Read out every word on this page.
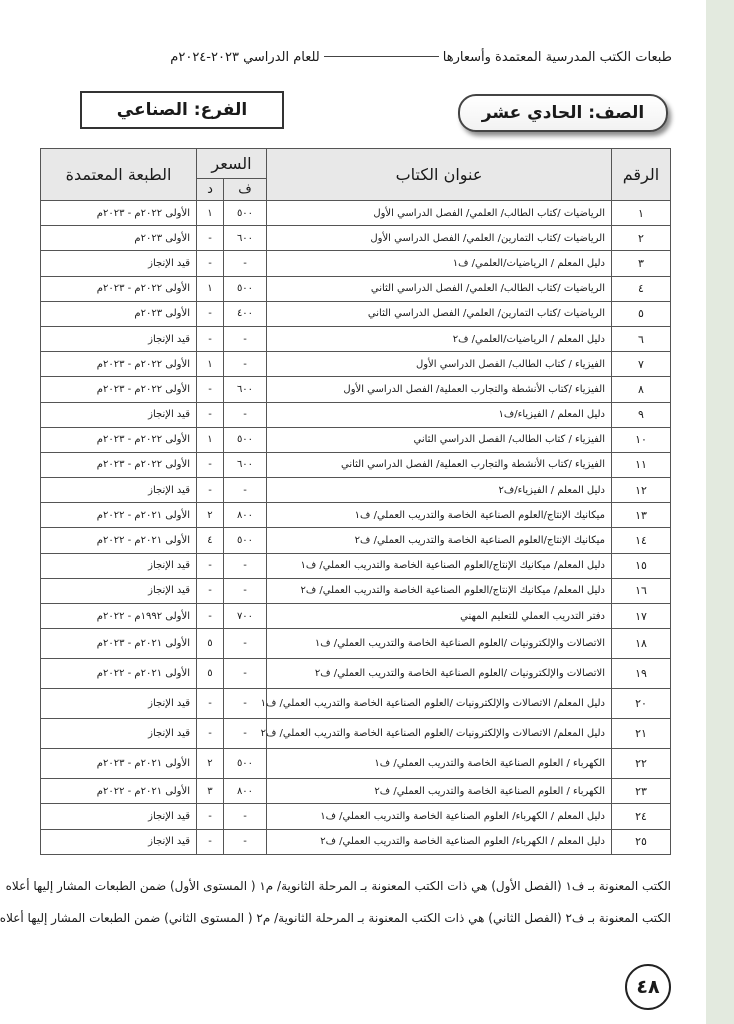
طبعات الكتب المدرسية المعتمدة وأسعارها
للعام الدراسي ٢٠٢٣-٢٠٢٤م
الصف: الحادي عشر
الفرع: الصناعي
الرقم	عنوان الكتاب	السعر		الطبعة المعتمدة
		ف	د	
١	الرياضيات /كتاب الطالب/ العلمي/ الفصل الدراسي الأول	٥٠٠	١	الأولى ٢٠٢٢م - ٢٠٢٣م
٢	الرياضيات /كتاب التمارين/ العلمي/ الفصل الدراسي الأول	٦٠٠	-	الأولى ٢٠٢٣م
٣	دليل المعلم / الرياضيات/العلمي/ ف١	-	-	قيد الإنجاز
٤	الرياضيات /كتاب الطالب/ العلمي/ الفصل الدراسي الثاني	٥٠٠	١	الأولى ٢٠٢٢م - ٢٠٢٣م
٥	الرياضيات /كتاب التمارين/ العلمي/ الفصل الدراسي الثاني	٤٠٠	-	الأولى ٢٠٢٣م
٦	دليل المعلم / الرياضيات/العلمي/ ف٢	-	-	قيد الإنجاز
٧	الفيزياء / كتاب الطالب/ الفصل الدراسي الأول	-	١	الأولى ٢٠٢٢م - ٢٠٢٣م
٨	الفيزياء /كتاب الأنشطة والتجارب العملية/ الفصل الدراسي الأول	٦٠٠	-	الأولى ٢٠٢٢م - ٢٠٢٣م
٩	دليل المعلم / الفيزياء/ف١	-	-	قيد الإنجاز
١٠	الفيزياء / كتاب الطالب/ الفصل الدراسي الثاني	٥٠٠	١	الأولى ٢٠٢٢م - ٢٠٢٣م
١١	الفيزياء /كتاب الأنشطة والتجارب العملية/ الفصل الدراسي الثاني	٦٠٠	-	الأولى ٢٠٢٢م - ٢٠٢٣م
١٢	دليل المعلم / الفيزياء/ف٢	-	-	قيد الإنجاز
١٣	ميكانيك الإنتاج/العلوم الصناعية الخاصة والتدريب العملي/ ف١	٨٠٠	٢	الأولى ٢٠٢١م - ٢٠٢٢م
١٤	ميكانيك الإنتاج/العلوم الصناعية الخاصة والتدريب العملي/ ف٢	٥٠٠	٤	الأولى ٢٠٢١م - ٢٠٢٢م
١٥	دليل المعلم/ ميكانيك الإنتاج/العلوم الصناعية الخاصة والتدريب العملي/ ف١	-	-	قيد الإنجاز
١٦	دليل المعلم/ ميكانيك الإنتاج/العلوم الصناعية الخاصة والتدريب العملي/ ف٢	-	-	قيد الإنجاز
١٧	دفتر التدريب العملي للتعليم المهني	٧٠٠	-	الأولى ١٩٩٢م - ٢٠٢٢م
١٨	الاتصالات والإلكترونيات /العلوم الصناعية الخاصة والتدريب العملي/ ف١	-	٥	الأولى ٢٠٢١م - ٢٠٢٣م
١٩	الاتصالات والإلكترونيات /العلوم الصناعية الخاصة والتدريب العملي/ ف٢	-	٥	الأولى ٢٠٢١م - ٢٠٢٢م
٢٠	دليل المعلم/ الاتصالات والإلكترونيات /العلوم الصناعية الخاصة والتدريب العملي/ ف١	-	-	قيد الإنجاز
٢١	دليل المعلم/ الاتصالات والإلكترونيات /العلوم الصناعية الخاصة والتدريب العملي/ ف٢	-	-	قيد الإنجاز
٢٢	الكهرباء / العلوم الصناعية الخاصة والتدريب العملي/ ف١	٥٠٠	٢	الأولى ٢٠٢١م - ٢٠٢٣م
٢٣	الكهرباء / العلوم الصناعية الخاصة والتدريب العملي/ ف٢	٨٠٠	٣	الأولى ٢٠٢١م - ٢٠٢٢م
٢٤	دليل المعلم / الكهرباء/ العلوم الصناعية الخاصة والتدريب العملي/ ف١	-	-	قيد الإنجاز
٢٥	دليل المعلم / الكهرباء/ العلوم الصناعية الخاصة والتدريب العملي/ ف٢	-	-	قيد الإنجاز

الكتب المعنونة بـ ف١ (الفصل الأول) هي ذات الكتب المعنونة بـ المرحلة الثانوية/ م١ ( المستوى الأول) ضمن الطبعات المشار إليها أعلاه

الكتب المعنونة بـ ف٢ (الفصل الثاني) هي ذات الكتب المعنونة بـ المرحلة الثانوية/ م٢ ( المستوى الثاني) ضمن الطبعات المشار إليها أعلاه

٤٨
